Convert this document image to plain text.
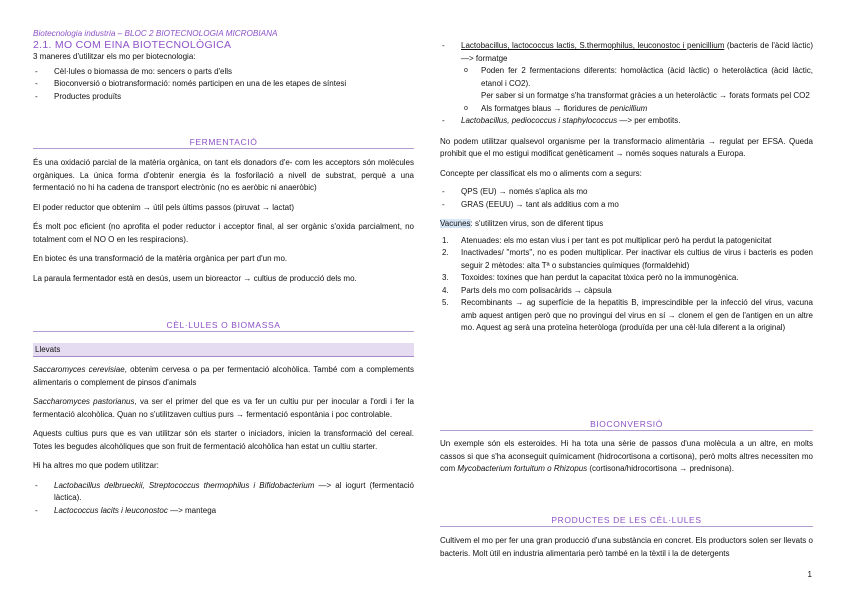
Biotecnologia industria – BLOC 2 BIOTECNOLOGIA MICROBIANA
2.1. MO COM EINA BIOTECNOLÒGICA
3 maneres d'utilitzar els mo per biotecnologia:
- Cèl·lules o biomassa de mo: sencers o parts d'ells
- Bioconversió o biotransformació: només participen en una de les etapes de síntesi
- Productes produïts
FERMENTACIÓ

És una oxidació parcial de la matèria orgànica, on tant els donadors d'e- com les acceptors són molècules orgàniques. La única forma d'obtenir energia és la fosforilació a nivell de substrat, perquè a una fermentació no hi ha cadena de transport electrònic (no es aeròbic ni anaeròbic)

El poder reductor que obtenim → útil pels últims passos (piruvat → lactat)

És molt poc eficient (no aprofita el poder reductor i acceptor final, al ser orgànic s'oxida parcialment, no totalment com el NO O en les respiracions).

En biotec és una transformació de la matèria orgànica per part d'un mo.

La paraula fermentador està en desús, usem un bioreactor → cultius de producció dels mo.

CÈL·LULES O BIOMASSA
Llevats

Saccaromyces cerevisiae, obtenim cervesa o pa per fermentació alcohòlica. També com a complements alimentaris o complement de pinsos d'animals

Saccharomyces pastorianus, va ser el primer del que es va fer un cultiu pur per inocular a l'ordi i fer la fermentació alcohòlica. Quan no s'utilitzaven cultius purs → fermentació espontània i poc controlable.

Aquests cultius purs que es van utilitzar són els starter o iniciadors, inicien la transformació del cereal. Totes les begudes alcohòliques que son fruit de fermentació alcohòlica han estat un cultiu starter.

Hi ha altres mo que podem utilitzar:

- Lactobacillus delbrueckii, Streptococcus thermophilus i Bifidobacterium —> al iogurt (fermentació làctica).
- Lactococcus lacits i leuconostoc —> mantega
- Lactobacillus, lactococcus lactis, S.thermophilus, leuconostoc i penicillium (bacteris de l'àcid làctic)—> formatge
o Poden fer 2 fermentacions diferents: homolàctica (àcid làctic) o heterolàctica (àcid làctic, etanol i CO2).
Per saber si un formatge s'ha transformat gràcies a un heterolàctic → forats formats pel CO2
o Als formatges blaus → floridures de penicillium
- Lactobacillus, pediococcus i staphylococcus —> per embotits.

No podem utilitzar qualsevol organisme per la transformacio alimentària → regulat per EFSA. Queda prohibit que el mo estigui modificat genèticament → només soques naturals a Europa.

Concepte per classificat els mo o aliments com a segurs:

- QPS (EU) → només s'aplica als mo
- GRAS (EEUU) → tant als additius com a mo

Vacunes: s'utilitzen virus, son de diferent tipus

1. Atenuades: els mo estan vius i per tant es pot multiplicar però ha perdut la patogenicitat
2. Inactivades/ "morts", no es poden multiplicar. Per inactivar els cultius de virus i bacteris es poden seguir 2 mètodes: alta Tª o substancies químiques (formaldehid)
3. Toxoides: toxines que han perdut la capacitat tòxica però no la immunogènica.
4. Parts dels mo com polisacàrids → càpsula
5. Recombinants → ag superfície de la hepatitis B, imprescindible per la infecció del virus, vacuna amb aquest antigen però que no provingui del virus en sí → clonem el gen de l'antigen en un altre mo. Aquest ag serà una proteïna heteròloga (produïda per una cèl·lula diferent a la original)
BIOCONVERSIÓ

Un exemple són els esteroides. Hi ha tota una sèrie de passos d'una molècula a un altre, en molts cassos si que s'ha aconseguit químicament (hidrocortisona a cortisona), però molts altres necessiten mo com Mycobacterium fortuitum o Rhizopus (cortisona/hidrocortisona → prednisona).

PRODUCTES DE LES CÈL·LULES

Cultivem el mo per fer una gran producció d'una substància en concret. Els productors solen ser llevats o bacteris. Molt útil en industria alimentaria però també en la tèxtil i la de detergents

1
